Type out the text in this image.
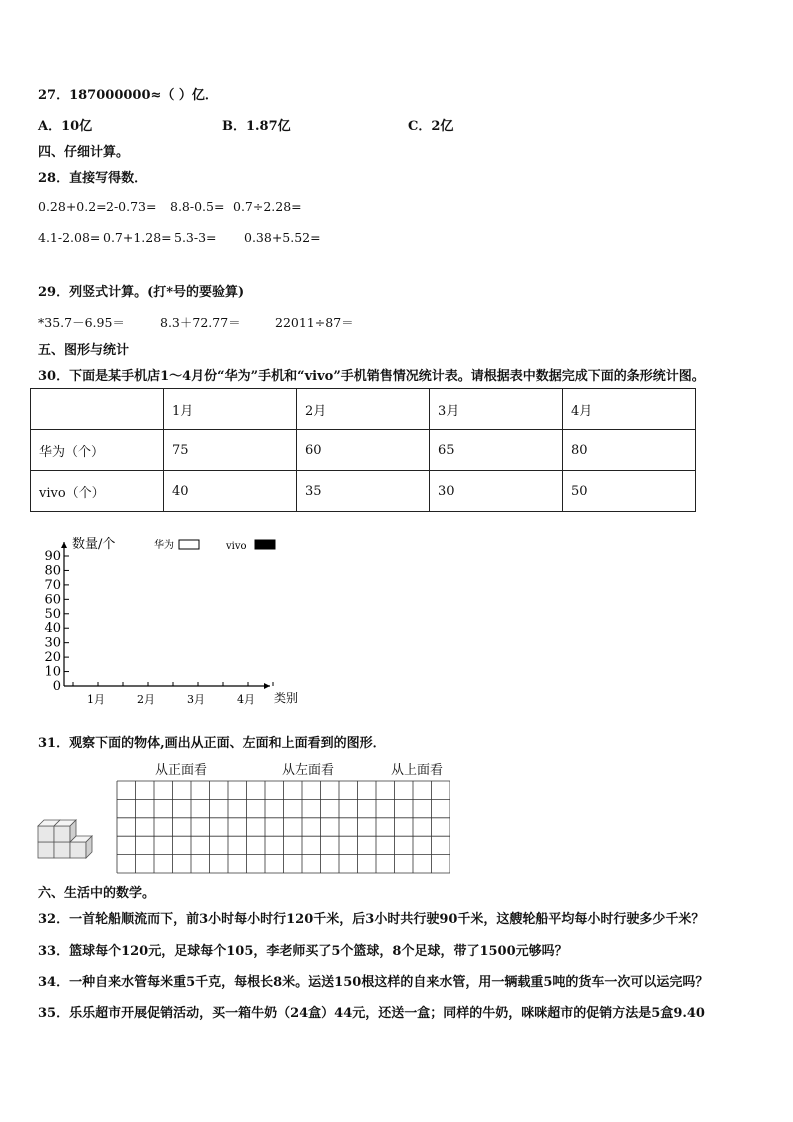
27．187000000≈（ ）亿．
A．10亿	B．1.87亿	C．2亿
四、仔细计算。
28．直接写得数．
0.28+0.2= 2-0.73= 8.8-0.5= 0.7÷2.28=
4.1-2.08= 0.7+1.28= 5.3-3= 0.38+5.52=
29．列竖式计算。(打*号的要验算)
*35.7－6.95＝	8.3＋72.77＝	22011÷87＝
五、图形与统计
30．下面是某手机店1～4月份“华为”手机和“vivo”手机销售情况统计表。请根据表中数据完成下面的条形统计图。
	1月	2月	3月	4月
华为（个）	75	60	65	80
vivo（个）	40	35	30	50
0
10
20
30
40
50
60
70
80
90
1月	2月	3月	4月
数量/个
类别
华为	vivo
31．观察下面的物体,画出从正面、左面和上面看到的图形．
从正面看	从左面看	从上面看
六、生活中的数学。
32．一首轮船顺流而下，前3小时每小时行120千米，后3小时共行驶90千米，这艘轮船平均每小时行驶多少千米？
33．篮球每个120元，足球每个105，李老师买了5个篮球，8个足球，带了1500元够吗？
34．一种自来水管每米重5千克，每根长8米。运送150根这样的自来水管，用一辆载重5吨的货车一次可以运完吗？
35．乐乐超市开展促销活动，买一箱牛奶（24盒）44元，还送一盒；同样的牛奶，咪咪超市的促销方法是5盒9.40
